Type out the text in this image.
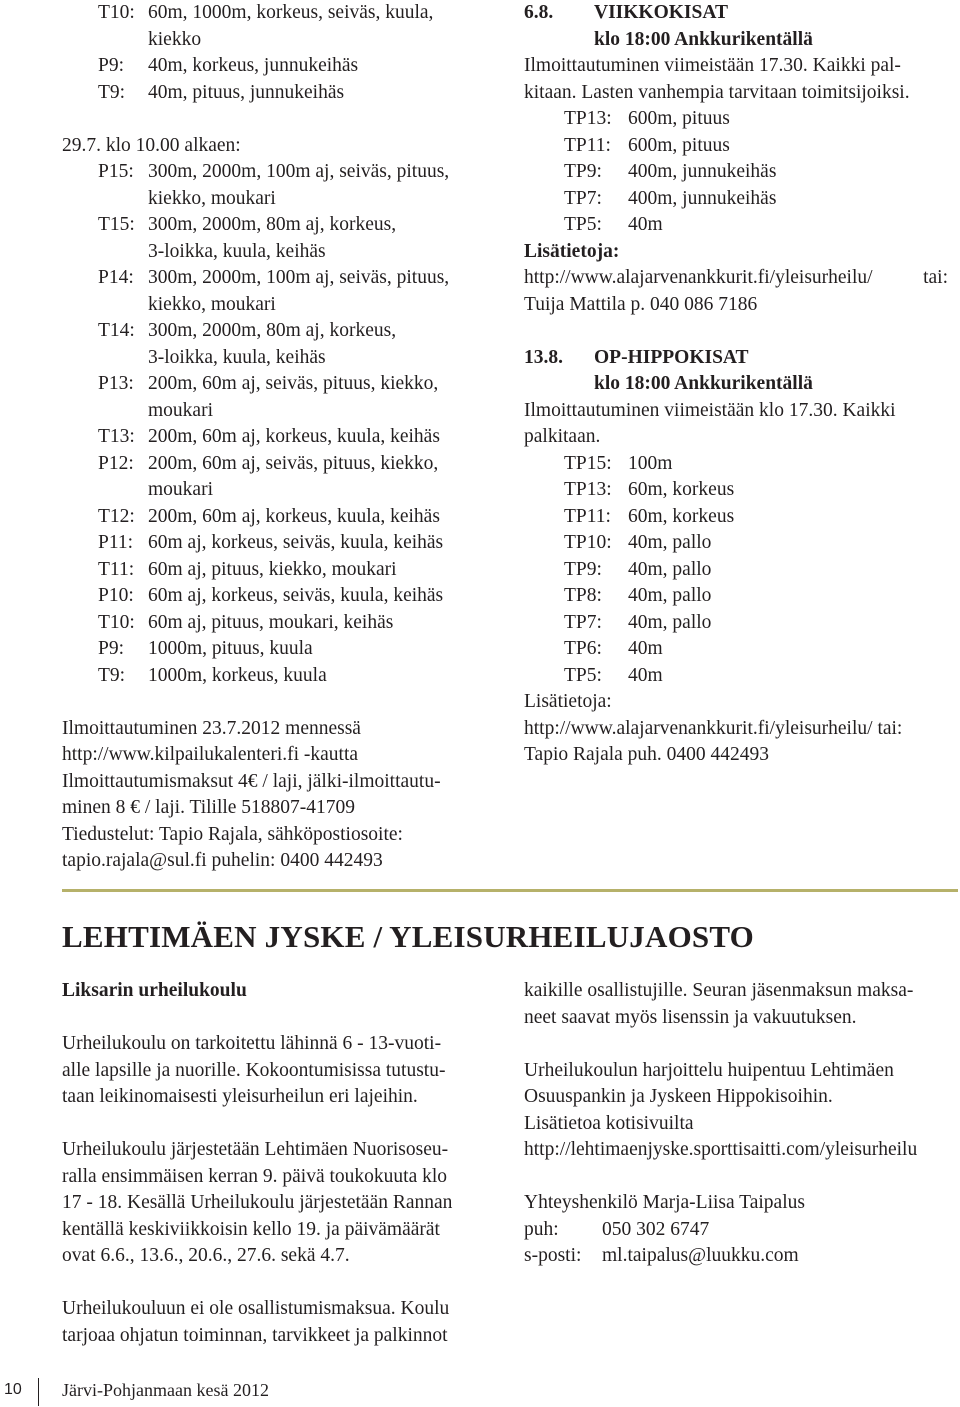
T10: 60m, 1000m, korkeus, seiväs, kuula,
kiekko
P9:	40m, korkeus, junnukeihäs
T9:	40m, pituus, junnukeihäs
29.7. klo 10.00 alkaen:
P15: 300m, 2000m, 100m aj, seiväs, pituus,
kiekko, moukari
T15: 300m, 2000m, 80m aj, korkeus,
3-loikka, kuula, keihäs
P14: 300m, 2000m, 100m aj, seiväs, pituus,
kiekko, moukari
T14: 300m, 2000m, 80m aj, korkeus,
3-loikka, kuula, keihäs
P13: 200m, 60m aj, seiväs, pituus, kiekko,
moukari
T13: 200m, 60m aj, korkeus, kuula, keihäs
P12: 200m, 60m aj, seiväs, pituus, kiekko,
moukari
T12: 200m, 60m aj, korkeus, kuula, keihäs
P11: 60m aj, korkeus, seiväs, kuula, keihäs
T11: 60m aj, pituus, kiekko, moukari
P10: 60m aj, korkeus, seiväs, kuula, keihäs
T10: 60m aj, pituus, moukari, keihäs
P9:	1000m, pituus, kuula
T9:	1000m, korkeus, kuula
Ilmoittautuminen 23.7.2012 mennessä
http://www.kilpailukalenteri.fi -kautta
Ilmoittautumismaksut 4€ / laji, jälki-ilmoittautu-
minen 8 € / laji. Tilille 518807-41709
Tiedustelut: Tapio Rajala, sähköpostiosoite:
tapio.rajala@sul.fi puhelin: 0400 442493
6.8.	VIIKKOKISAT
klo 18:00 Ankkurikentällä
Ilmoittautuminen viimeistään 17.30. Kaikki pal-
kitaan. Lasten vanhempia tarvitaan toimitsijoiksi.
TP13: 600m, pituus
TP11: 600m, pituus
TP9:	400m, junnukeihäs
TP7:	400m, junnukeihäs
TP5:	40m
Lisätietoja:
http://www.alajarvenankkurit.fi/yleisurheilu/	tai:
Tuija Mattila p. 040 086 7186
13.8.	OP-HIPPOKISAT
klo 18:00 Ankkurikentällä
Ilmoittautuminen viimeistään klo 17.30. Kaikki
palkitaan.
TP15: 100m
TP13: 60m, korkeus
TP11: 60m, korkeus
TP10: 40m, pallo
TP9:	40m, pallo
TP8:	40m, pallo
TP7:	40m, pallo
TP6:	40m
TP5:	40m
Lisätietoja:
http://www.alajarvenankkurit.fi/yleisurheilu/ tai:
Tapio Rajala puh. 0400 442493
LEHTIMÄEN JYSKE / YLEISURHEILUJAOSTO
Liksarin urheilukoulu
Urheilukoulu on tarkoitettu lähinnä 6 - 13-vuoti-
alle lapsille ja nuorille. Kokoontumisissa tutustu-
taan leikinomaisesti yleisurheilun eri lajeihin.
Urheilukoulu järjestetään Lehtimäen Nuorisoseu-
ralla ensimmäisen kerran 9. päivä toukokuuta klo
17 - 18. Kesällä Urheilukoulu järjestetään Rannan
kentällä keskiviikkoisin kello 19. ja päivämäärät
ovat 6.6., 13.6., 20.6., 27.6. sekä 4.7.
Urheilukouluun ei ole osallistumismaksua. Koulu
tarjoaa ohjatun toiminnan, tarvikkeet ja palkinnot
kaikille osallistujille. Seuran jäsenmaksun maksa-
neet saavat myös lisenssin ja vakuutuksen.
Urheilukoulun harjoittelu huipentuu Lehtimäen
Osuuspankin ja Jyskeen Hippokisoihin.
Lisätietoa kotisivuilta
http://lehtimaenjyske.sporttisaitti.com/yleisurheilu
Yhteyshenkilö Marja-Liisa Taipalus
puh:	050 302 6747
s-posti:	ml.taipalus@luukku.com
10 Järvi-Pohjanmaan kesä 2012
